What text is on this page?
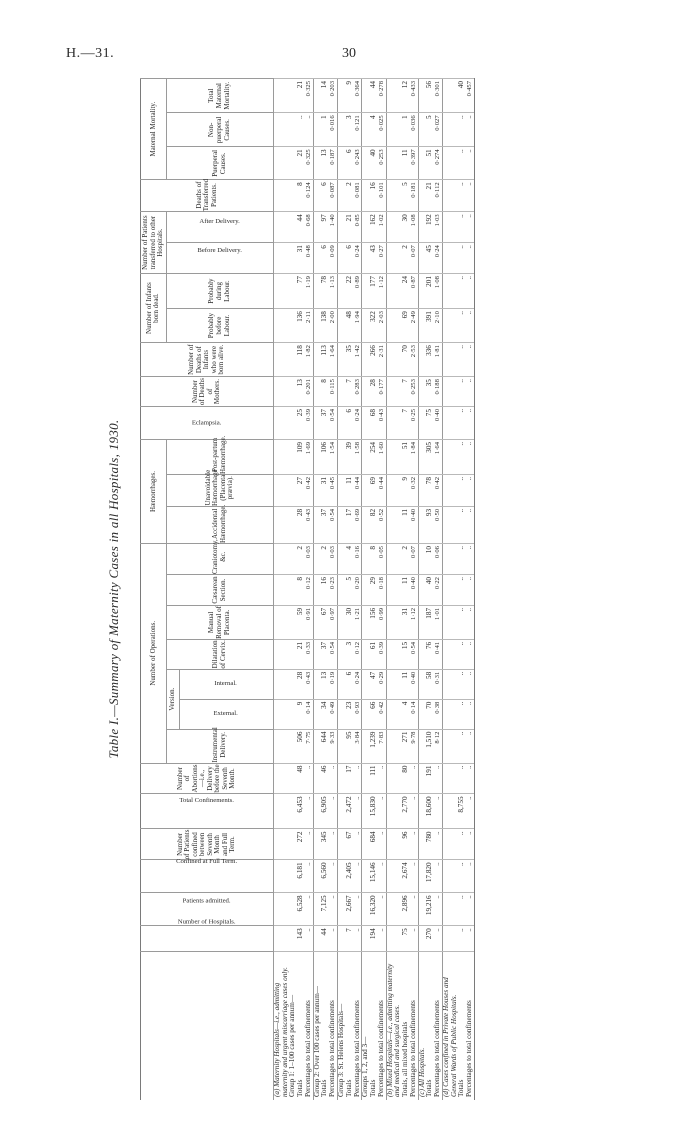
H.—31.	30
Table I.—Summary of Maternity Cases in all Hospitals, 1930.
	Number of Hospitals.	Patients admitted.	Confined at Full Term.	Number of Patients confined between Seventh Month and Full Term.	Total Confinements.	Number of Abortions—i.e., Delivery before the Seventh Month.	Number of Operations.							Hæmorrhages.			Eclampsia.	Number of Deaths of Mothers.	Number of Deaths of Infants who were born alive.	Number of Infants born dead.		Number of Patients transferred to other Hospitals.		Deaths of Transferred Patients.	Maternal Mortality.		
							Instrumental Delivery.	Version.		Dilatation of Cervix.	Manual Removal of Placenta.	Cæsarean Section.	Craniotomy, &c.	Accidental Hæmorrhage.	Unavoidable Hæmorrhage (Placenta prævia).	Post-partum Hæmorrhage.				Probably before Labour.	Probably during Labour.	Before Delivery.	After Delivery.		Puerperal Causes.	Non-puerperal Causes.	Total Maternal Mortality.
								External.	Internal.																		
(a) Maternity Hospitals—i.e., admitting maternity and urgent miscarriage cases only.																											
Group 1: 1–100 cases per annum—																											
Totals	143	6,528	6,181	272	6,453	48	506	9	28	21	59	8	2	28	27	109	25	13	118	136	77	31	44	8	21	..	21
Percentages to total confinements	..	..	..	..	..	..	7·75	0·14	0·43	0·33	0·91	0·12	0·03	0·43	0·42	1·69	0·39	0·201	1·82	2·11	1·19	0·48	0·68	0·124	0·325	..	0·325
Group 2: Over 100 cases per annum—																											
Totals	44	7,125	6,560	345	6,905	46	644	34	13	37	67	16	2	37	31	106	37	8	113	138	78	6	97	6	13	1	14
Percentages to total confinements	..	..	..	..	..	..	9·33	0·49	0·19	0·54	0·97	0·23	0·03	0·54	0·45	1·54	0·54	0·115	1·64	2·00	1·13	0·09	1·40	0·087	0·187	0·016	0·203
Group 3: St. Helens Hospitals—																											
Totals	7	2,667	2,405	67	2,472	17	95	23	6	3	30	5	4	17	11	39	6	7	35	48	22	6	21	2	6	3	9
Percentages to total confinements	..	..	..	..	..	..	3·84	0·93	0·24	0·12	1·21	0·20	0·16	0·69	0·44	1·58	0·24	0·283	1·42	1·94	0·89	0·24	0·85	0·081	0·243	0·121	0·364
Groups 1, 2, and 3—																											
Totals	194	16,320	15,146	684	15,830	111	1,239	66	47	61	156	29	8	82	69	254	68	28	266	322	177	43	162	16	40	4	44
Percentages to total confinements	..	..	..	..	..	..	7·83	0·42	0·29	0·39	0·99	0·18	0·05	0·52	0·44	1·60	0·43	0·177	2·31	2·03	1·12	0·27	1·02	0·101	0·253	0·025	0·278
(b) Mixed Hospitals—i.e., admitting maternity and medical and surgical cases.																											
Totals, all mixed hospitals	75	2,896	2,674	96	2,770	80	271	4	11	15	31	11	2	11	9	51	7	7	70	69	24	2	30	5	11	1	12
Percentages to total confinements	..	..	..	..	..	..	9·78	0·14	0·40	0·54	1·12	0·40	0·07	0·40	0·32	1·84	0·25	0·253	2·53	2·49	0·87	0·07	1·08	0·181	0·397	0·036	0·433
(c) All Hospitals.																											
Totals	270	19,216	17,820	780	18,600	191	1,510	70	58	76	187	40	10	93	78	305	75	35	336	391	201	45	192	21	51	5	56
Percentages to total confinements	..	..	..	..	..	..	8·12	0·38	0·31	0·41	1·01	0·22	0·06	0·50	0·42	1·64	0·40	0·188	1·81	2·10	1·08	0·24	1·03	0·112	0·274	0·027	0·301
(d) Cases confined in Private Houses and General Wards of Public Hospitals.																											
Totals	..	..	..	..	8,755	..	..	..	..	..	..	..	..	..	..	..	..	..	..	..	..	..	..	..	..	..	40
Percentages to total confinements	..	..	..	..	..	..	..	..	..	..	..	..	..	..	..	..	..	..	..	..	..	..	..	..	..	..	0·457
